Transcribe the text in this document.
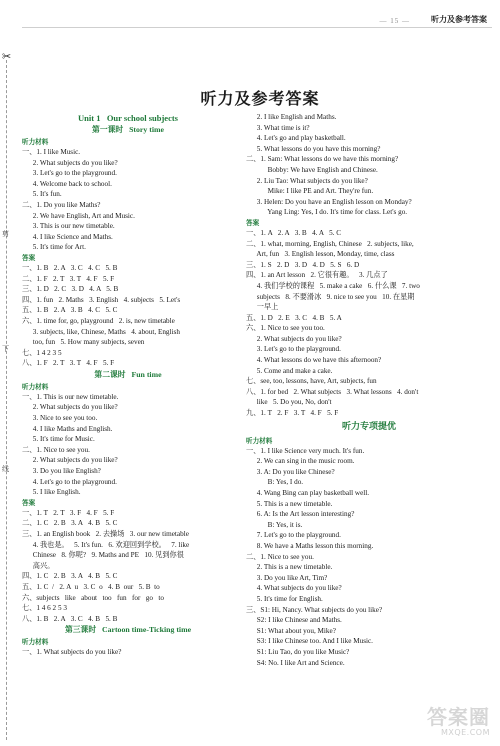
— 15 —	听力及参考答案
✂
剪
下
线
听力及参考答案
Unit 1   Our school subjects
第一课时   Story time
听力材料
一、1. I like Music.
2. What subjects do you like?
3. Let's go to the playground.
4. Welcome back to school.
5. It's fun.
二、1. Do you like Maths?
2. We have English, Art and Music.
3. This is our new timetable.
4. I like Science and Maths.
5. It's time for Art.
答案
一、1. B   2. A   3. C   4. C   5. B
二、1. F   2. T   3. T   4. F   5. F
三、1. D   2. C   3. D   4. A   5. B
四、1. fun   2. Maths   3. English   4. subjects   5. Let's
五、1. B   2. A   3. B   4. C   5. C
六、1. time for, go, playground   2. is, new timetable
3. subjects, like, Chinese, Maths   4. about, English
too, fun   5. How many subjects, seven
七、1 4 2 3 5
八、1. F   2. T   3. T   4. F   5. F
第二课时   Fun time
听力材料
一、1. This is our new timetable.
2. What subjects do you like?
3. Nice to see you too.
4. I like Maths and English.
5. It's time for Music.
二、1. Nice to see you.
2. What subjects do you like?
3. Do you like English?
4. Let's go to the playground.
5. I like English.
答案
一、1. T   2. T   3. F   4. F   5. F
二、1. C   2. B   3. A   4. B   5. C
三、1. an English book   2. 去操场   3. our new timetable
4. 我也是。   5. It's fun.   6. 欢迎回到学校。   7. like
Chinese   8. 你呢?   9. Maths and PE   10. 见到你很
高兴。
四、1. C   2. B   3. A   4. B   5. C
五、1. C  /   2. A  u   3. C  o   4. B  our   5. B  to
六、subjects   like   about   too   fun   for   go   to
七、1 4 6 2 5 3
八、1. B   2. A   3. C   4. B   5. B
第三课时   Cartoon time-Ticking time
听力材料
一、1. What subjects do you like?
2. I like English and Maths.
3. What time is it?
4. Let's go and play basketball.
5. What lessons do you have this morning?
二、1. Sam: What lessons do we have this morning?
Bobby: We have English and Chinese.
2. Liu Tao: What subjects do you like?
Mike: I like PE and Art. They're fun.
3. Helen: Do you have an English lesson on Monday?
Yang Ling: Yes, I do. It's time for class. Let's go.
答案
一、1. A   2. A   3. B   4. A   5. C
二、1. what, morning, English, Chinese   2. subjects, like,
Art, fun   3. English lesson, Monday, time, class
三、1. S   2. D   3. D   4. D   5. S   6. D
四、1. an Art lesson   2. 它很有趣。   3. 几点了
4. 我们学校的课程   5. make a cake   6. 什么课   7. two
subjects   8. 不要滑冰   9. nice to see you   10. 在星期
一早上
五、1. D   2. E   3. C   4. B   5. A
六、1. Nice to see you too.
2. What subjects do you like?
3. Let's go to the playground.
4. What lessons do we have this afternoon?
5. Come and make a cake.
七、see, too, lessons, have, Art, subjects, fun
八、1. for bed   2. What subjects   3. What lessons   4. don't
like   5. Do you, No, don't
九、1. T   2. F   3. T   4. F   5. F
听力专项提优
听力材料
一、1. I like Science very much. It's fun.
2. We can sing in the music room.
3. A: Do you like Chinese?
B: Yes, I do.
4. Wang Bing can play basketball well.
5. This is a new timetable.
6. A: Is the Art lesson interesting?
B: Yes, it is.
7. Let's go to the playground.
8. We have a Maths lesson this morning.
二、1. Nice to see you.
2. This is a new timetable.
3. Do you like Art, Tim?
4. What subjects do you like?
5. It's time for English.
三、S1: Hi, Nancy. What subjects do you like?
S2: I like Chinese and Maths.
S1: What about you, Mike?
S3: I like Chinese too. And I like Music.
S1: Liu Tao, do you like Music?
S4: No. I like Art and Science.
答案圈
MXQE.COM
